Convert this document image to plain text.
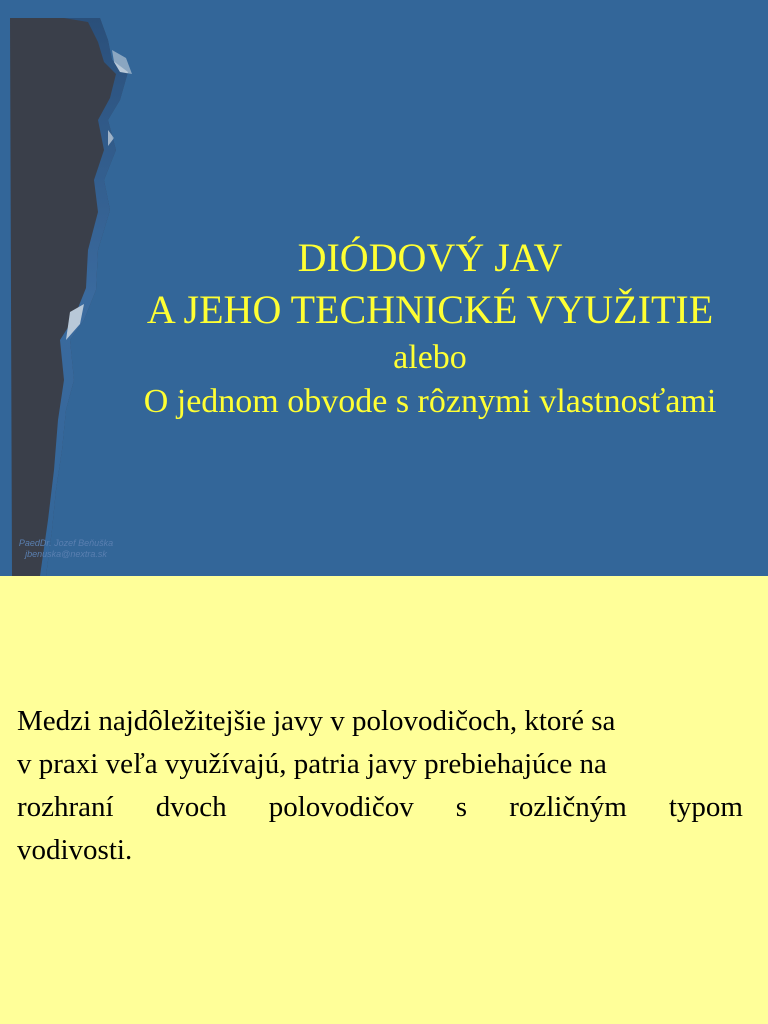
DIÓDOVÝ JAV
A JEHO TECHNICKÉ VYUŽITIE
alebo
O jednom obvode s rôznymi vlastnosťami
PaedDr. Jozef Beňuška
jbenuska@nextra.sk
Medzi najdôležitejšie javy v polovodičoch, ktoré sa
v praxi veľa využívajú, patria javy prebiehajúce na
rozhraní dvoch polovodičov s rozličným typom
vodivosti.
